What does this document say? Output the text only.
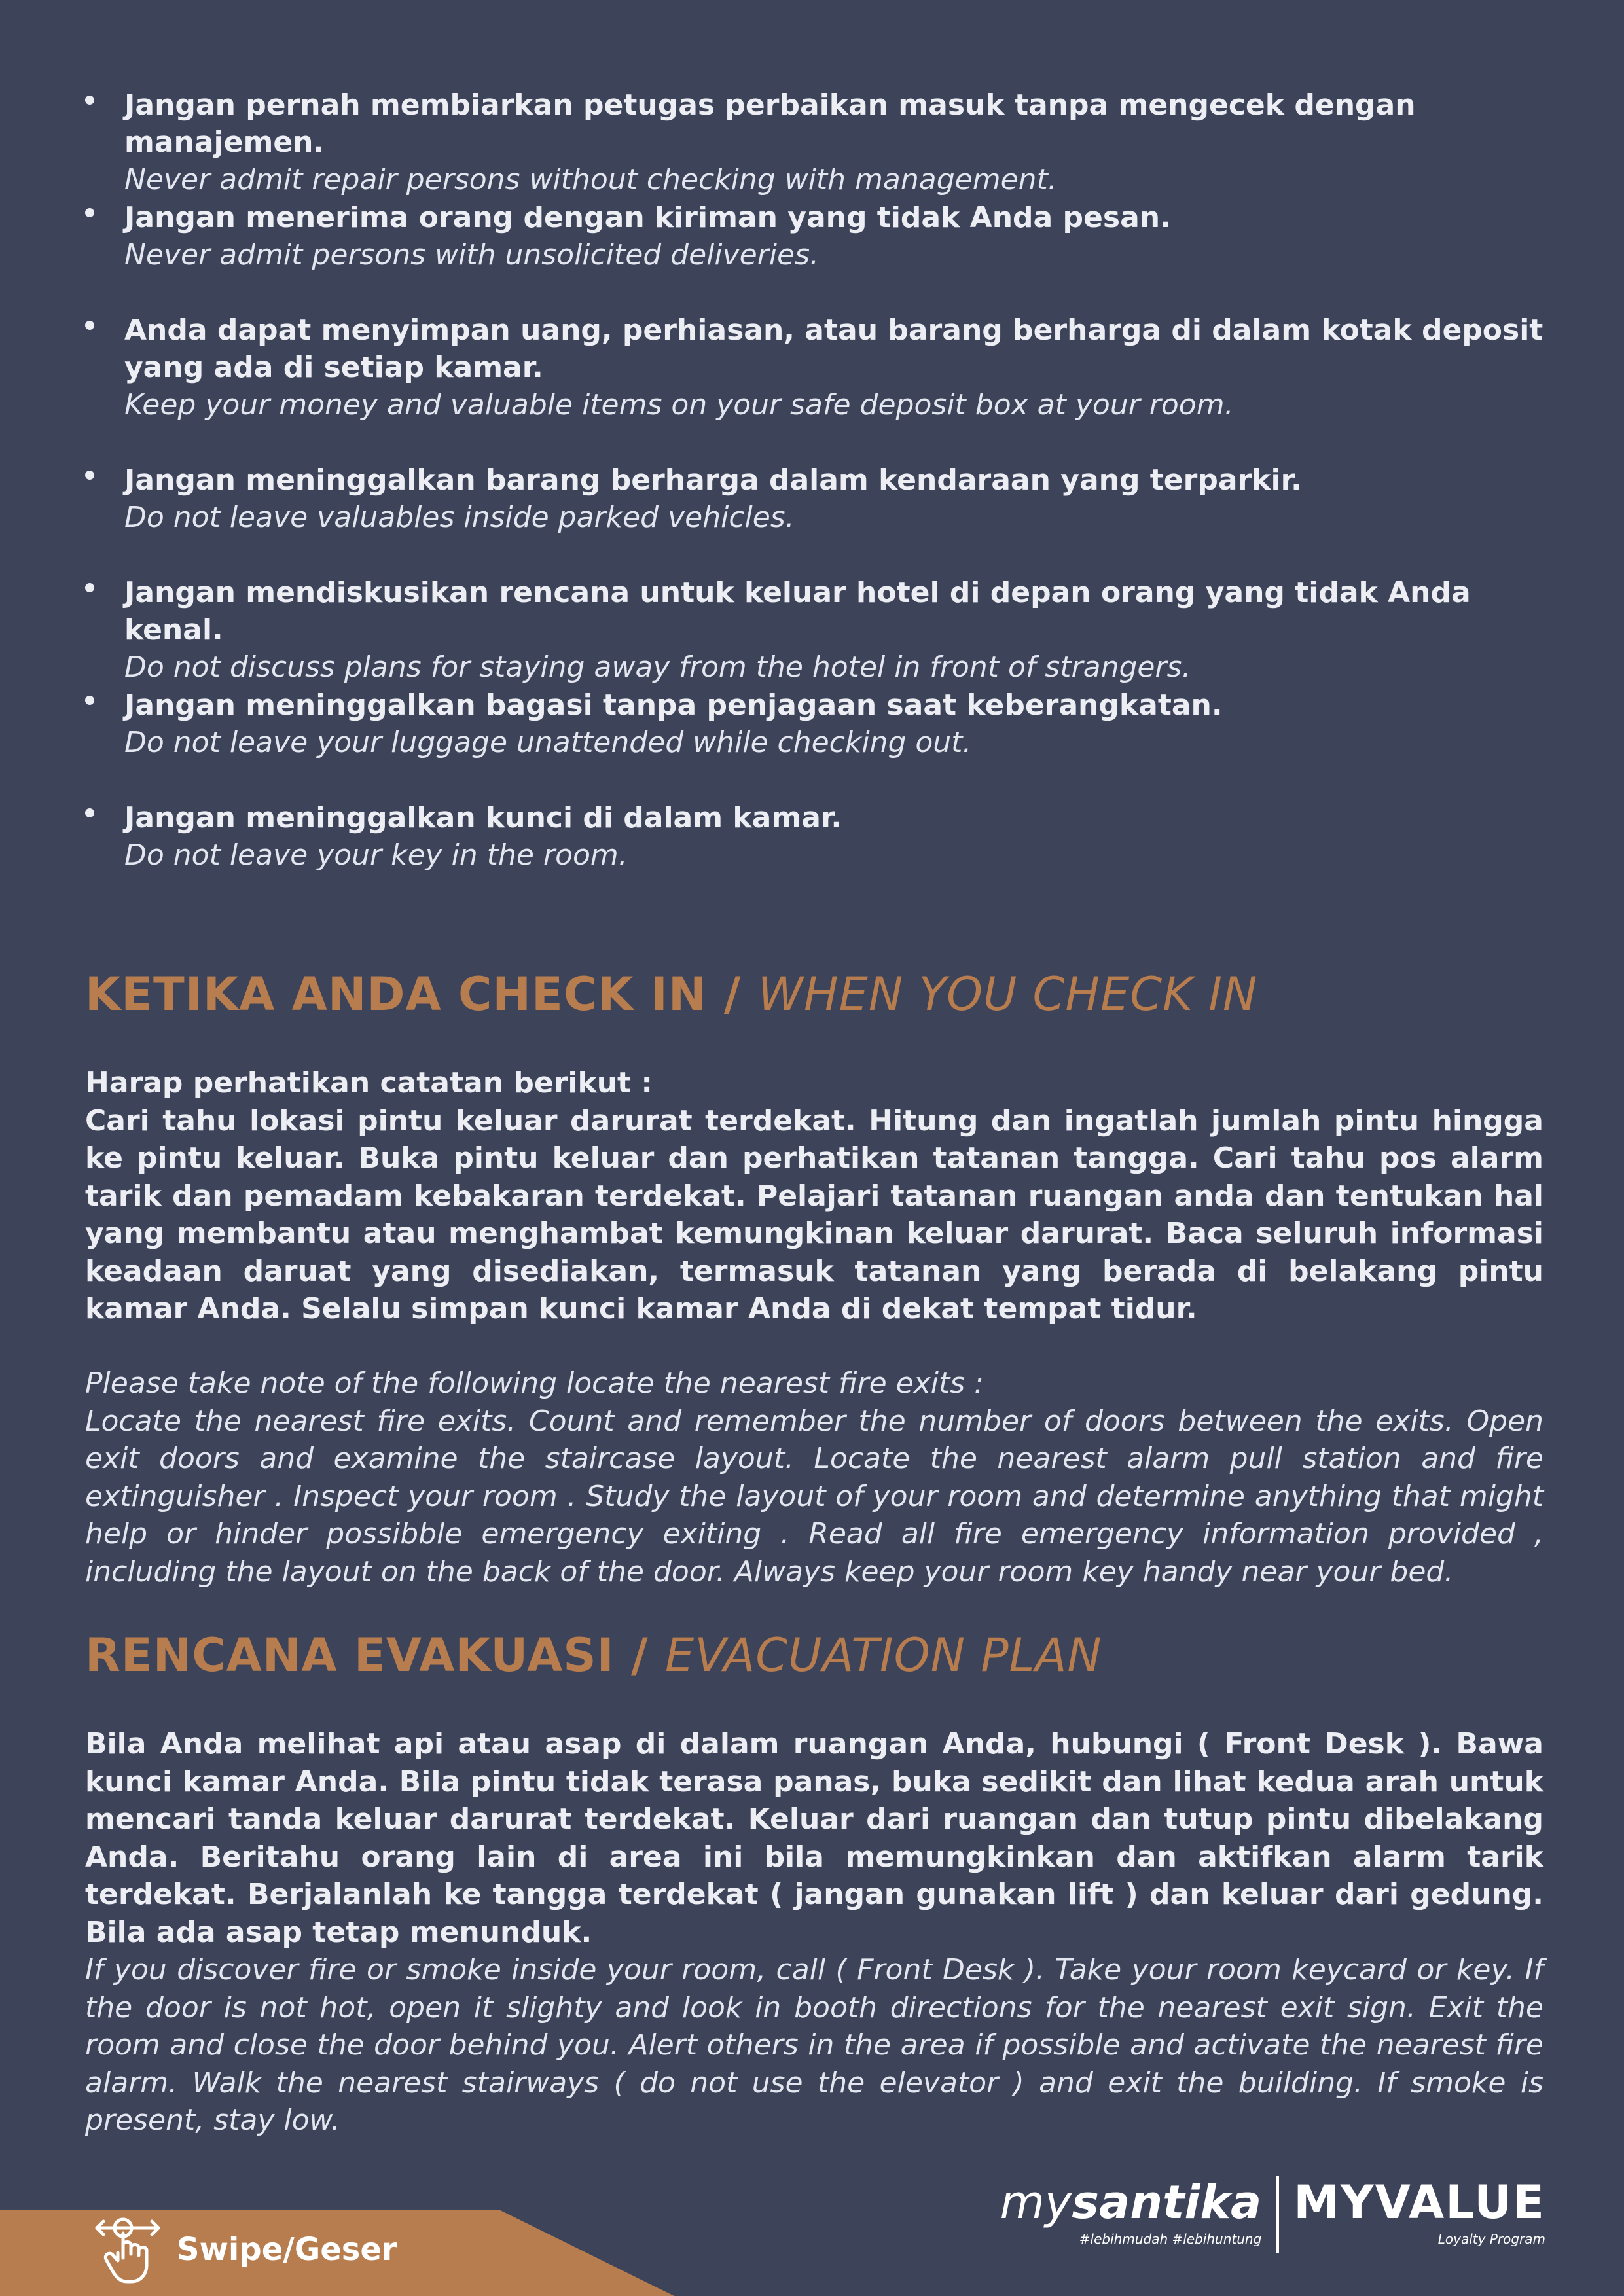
Jangan pernah membiarkan petugas perbaikan masuk tanpa mengecek dengan manajemen.
Never admit repair persons without checking with management.
Jangan menerima orang dengan kiriman yang tidak Anda pesan.
Never admit persons with unsolicited deliveries.
Anda dapat menyimpan uang, perhiasan, atau barang berharga di dalam kotak deposit yang ada di setiap kamar.
Keep your money and valuable items on your safe deposit box at your room.
Jangan meninggalkan barang berharga dalam kendaraan yang terparkir.
Do not leave valuables inside parked vehicles.
Jangan mendiskusikan rencana untuk keluar hotel di depan orang yang tidak Anda kenal.
Do not discuss plans for staying away from the hotel in front of strangers.
Jangan meninggalkan bagasi tanpa penjagaan saat keberangkatan.
Do not leave your luggage unattended while checking out.
Jangan meninggalkan kunci di dalam kamar.
Do not leave your key in the room.
KETIKA ANDA CHECK IN / WHEN YOU CHECK IN

Harap perhatikan catatan berikut :

Cari tahu lokasi pintu keluar darurat terdekat. Hitung dan ingatlah jumlah pintu hingga ke pintu keluar. Buka pintu keluar dan perhatikan tatanan tangga. Cari tahu pos alarm tarik dan pemadam kebakaran terdekat. Pelajari tatanan ruangan anda dan tentukan hal yang membantu atau menghambat kemungkinan keluar darurat. Baca seluruh informasi keadaan daruat yang disediakan, termasuk tatanan yang berada di belakang pintu kamar Anda. Selalu simpan kunci kamar Anda di dekat tempat tidur.

Please take note of the following locate the nearest fire exits :

Locate the nearest fire exits. Count and remember the number of doors between the exits. Open exit doors and examine the staircase layout. Locate the nearest alarm pull station and fire extinguisher . Inspect your room . Study the layout of your room and determine anything that might help or hinder possibble emergency exiting . Read all fire emergency information provided , including the layout on the back of the door. Always keep your room key handy near your bed.

RENCANA EVAKUASI / EVACUATION PLAN

Bila Anda melihat api atau asap di dalam ruangan Anda, hubungi ( Front Desk ). Bawa kunci kamar Anda. Bila pintu tidak terasa panas, buka sedikit dan lihat kedua arah untuk mencari tanda keluar darurat terdekat. Keluar dari ruangan dan tutup pintu dibelakang Anda. Beritahu orang lain di area ini bila memungkinkan dan aktifkan alarm tarik terdekat. Berjalanlah ke tangga terdekat ( jangan gunakan lift ) dan keluar dari gedung. Bila ada asap tetap menunduk.

If you discover fire or smoke inside your room, call ( Front Desk ). Take your room keycard or key. If the door is not hot, open it slighty and look in booth directions for the nearest exit sign. Exit the room and close the door behind you. Alert others in the area if possible and activate the nearest fire alarm. Walk the nearest stairways ( do not use the elevator ) and exit the building. If smoke is present, stay low.

Swipe/Geser
mysantika
#lebihmudah #lebihuntung
MYVALUE
Loyalty Program
